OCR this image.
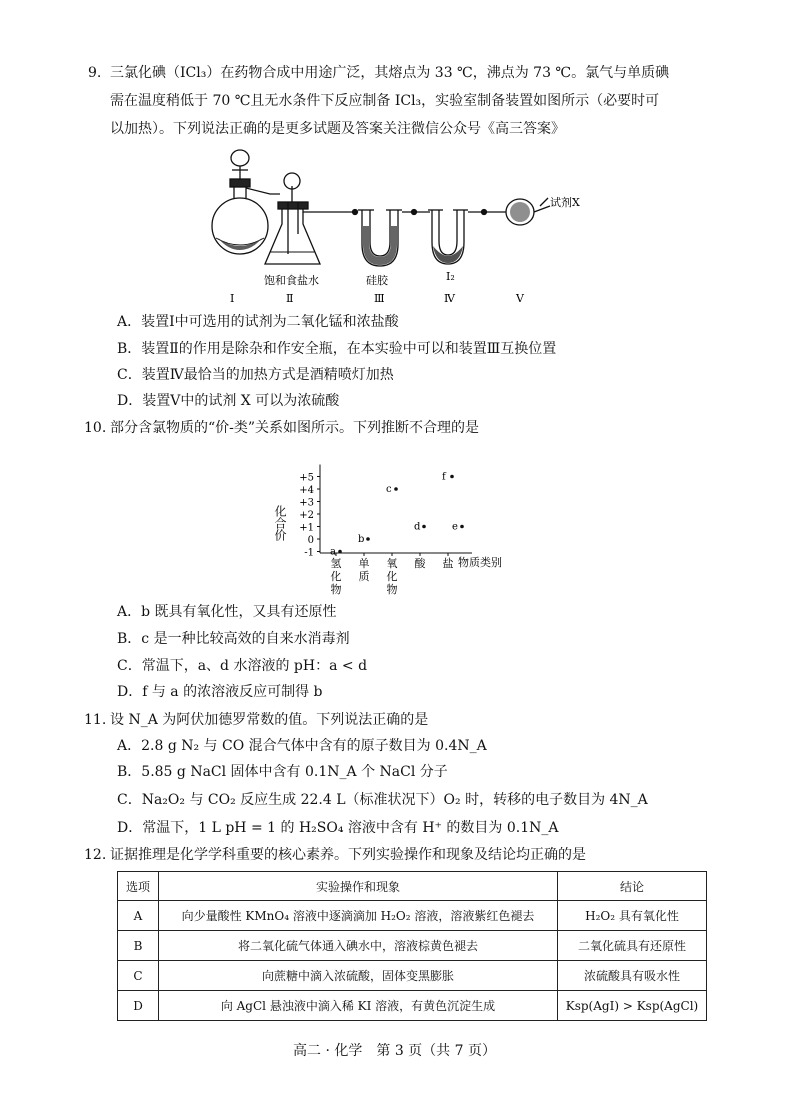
9. 三氯化碘（ICl₃）在药物合成中用途广泛，其熔点为 33 ℃，沸点为 73 ℃。氯气与单质碘
需在温度稍低于 70 ℃且无水条件下反应制备 ICl₃，实验室制备装置如图所示（必要时可
以加热）。下列说法正确的是更多试题及答案关注微信公众号《高三答案》
试剂X
饱和食盐水	硅胶	I₂
Ⅰ	Ⅱ	Ⅲ	Ⅳ	Ⅴ
A．装置Ⅰ中可选用的试剂为二氧化锰和浓盐酸
B．装置Ⅱ的作用是除杂和作安全瓶，在本实验中可以和装置Ⅲ互换位置
C．装置Ⅳ最恰当的加热方式是酒精喷灯加热
D．装置Ⅴ中的试剂 X 可以为浓硫酸
10. 部分含氯物质的“价-类”关系如图所示。下列推断不合理的是
化合价
+5
+4
+3
+2
+1
0
-1
氢化物
单质
氧化物
酸 盐
a
b
c
d	e
f
物质类别
A．b 既具有氧化性，又具有还原性
B．c 是一种比较高效的自来水消毒剂
C．常温下，a、d 水溶液的 pH：a < d
D．f 与 a 的浓溶液反应可制得 b
11. 设 N_A 为阿伏加德罗常数的值。下列说法正确的是
A．2.8 g N₂ 与 CO 混合气体中含有的原子数目为 0.4N_A
B．5.85 g NaCl 固体中含有 0.1N_A 个 NaCl 分子
C．Na₂O₂ 与 CO₂ 反应生成 22.4 L（标准状况下）O₂ 时，转移的电子数目为 4N_A
D．常温下，1 L pH = 1 的 H₂SO₄ 溶液中含有 H⁺ 的数目为 0.1N_A
12. 证据推理是化学学科重要的核心素养。下列实验操作和现象及结论均正确的是
选项	实验操作和现象	结论
A	向少量酸性 KMnO₄ 溶液中逐滴滴加 H₂O₂ 溶液，溶液紫红色褪去	H₂O₂ 具有氧化性
B	将二氧化硫气体通入碘水中，溶液棕黄色褪去	二氧化硫具有还原性
C	向蔗糖中滴入浓硫酸，固体变黑膨胀	浓硫酸具有吸水性
D	向 AgCl 悬浊液中滴入稀 KI 溶液，有黄色沉淀生成	Ksp(AgI) > Ksp(AgCl)
高二 · 化学　第 3 页（共 7 页）
